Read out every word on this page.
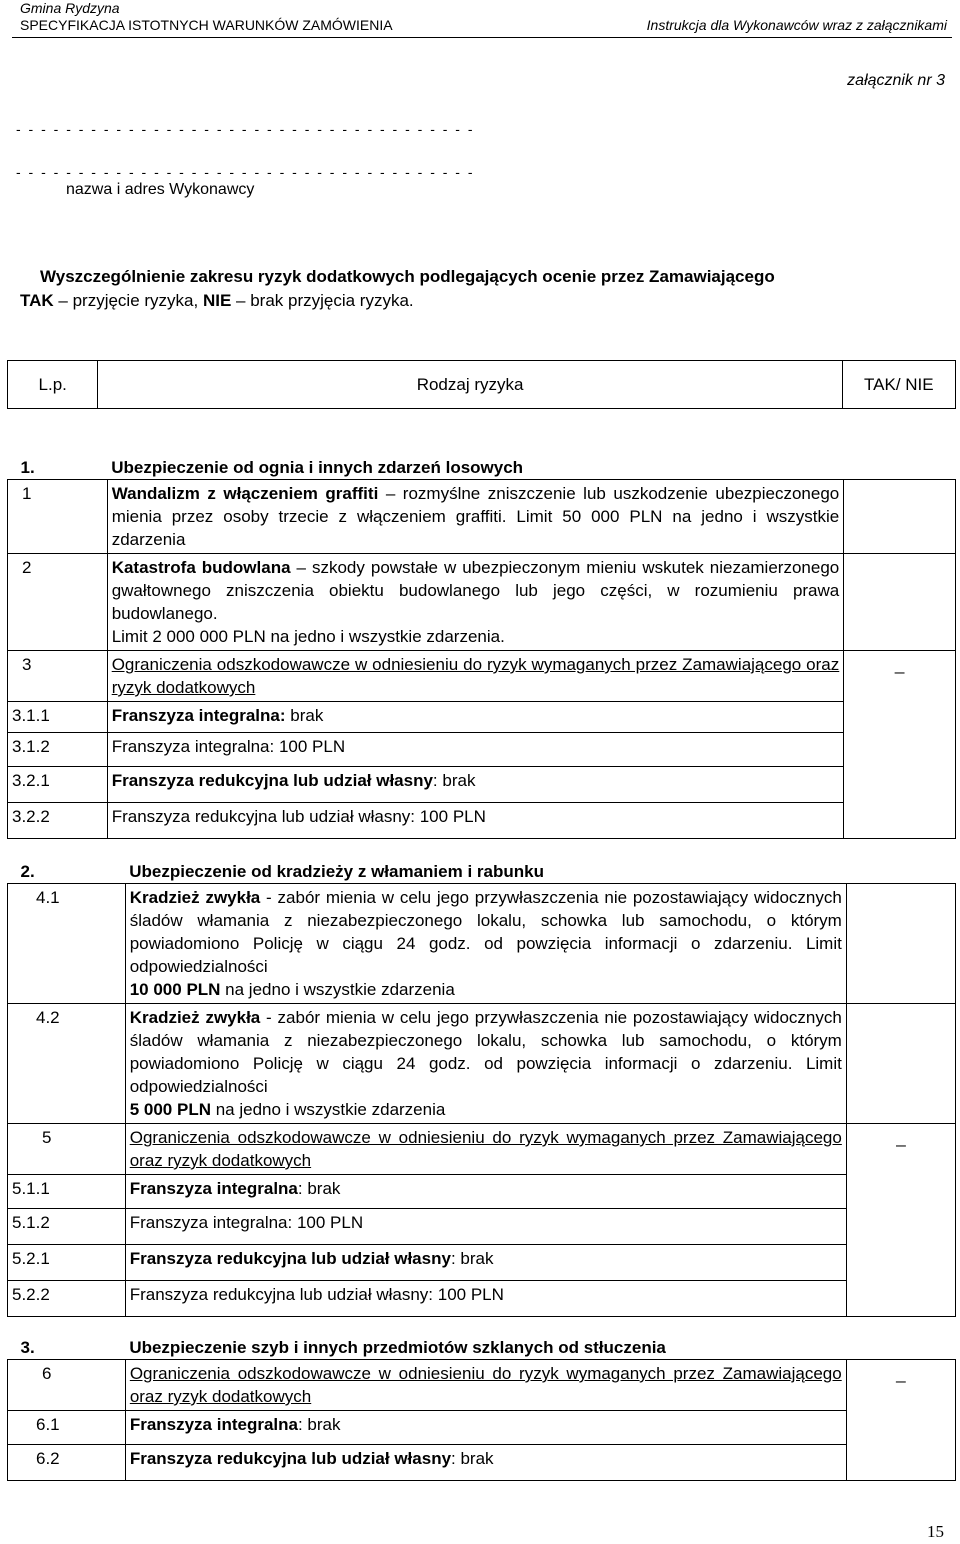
Gmina Rydzyna
SPECYFIKACJA ISTOTNYCH WARUNKÓW ZAMÓWIENIA	Instrukcja dla Wykonawców wraz z załącznikami
załącznik nr 3
- - - - - - - - - - - - - - - - - - - - - - - - - - - - - - - - - - - - -
- - - - - - - - - - - - - - - - - - - - - - - - - - - - - - - - - - - - -
nazwa i adres Wykonawcy
Wyszczególnienie zakresu ryzyk dodatkowych podlegających ocenie przez Zamawiającego
TAK – przyjęcie ryzyka, NIE – brak przyjęcia ryzyka.
L.p.	Rodzaj ryzyka	TAK/ NIE
1.	Ubezpieczenie od ognia i innych zdarzeń losowych	
1	Wandalizm z włączeniem graffiti – rozmyślne zniszczenie lub uszkodzenie ubezpieczonego mienia przez osoby trzecie z włączeniem graffiti. Limit 50 000 PLN na jedno i wszystkie zdarzenia	
2	Katastrofa budowlana – szkody powstałe w ubezpieczonym mieniu wskutek niezamierzonego gwałtownego zniszczenia obiektu budowlanego lub jego części, w rozumieniu prawa budowlanego.
Limit 2 000 000 PLN na jedno i wszystkie zdarzenia.	
3	Ograniczenia odszkodowawcze w odniesieniu do ryzyk wymaganych przez Zamawiającego oraz ryzyk dodatkowych	_
3.1.1	Franszyza integralna: brak	
3.1.2	Franszyza integralna: 100 PLN	
3.2.1	Franszyza redukcyjna lub udział własny: brak	
3.2.2	Franszyza redukcyjna lub udział własny: 100 PLN	
2.	Ubezpieczenie od kradzieży z włamaniem i rabunku	
4.1	Kradzież zwykła - zabór mienia w celu jego przywłaszczenia nie pozostawiający widocznych śladów włamania z niezabezpieczonego lokalu, schowka lub samochodu, o którym powiadomiono Policję w ciągu 24 godz. od powzięcia informacji o zdarzeniu. Limit odpowiedzialności
10 000 PLN na jedno i wszystkie zdarzenia	
4.2	Kradzież zwykła - zabór mienia w celu jego przywłaszczenia nie pozostawiający widocznych śladów włamania z niezabezpieczonego lokalu, schowka lub samochodu, o którym powiadomiono Policję w ciągu 24 godz. od powzięcia informacji o zdarzeniu. Limit odpowiedzialności
5 000 PLN na jedno i wszystkie zdarzenia	
5	Ograniczenia odszkodowawcze w odniesieniu do ryzyk wymaganych przez Zamawiającego oraz ryzyk dodatkowych	_
5.1.1	Franszyza integralna: brak	
5.1.2	Franszyza integralna: 100 PLN	
5.2.1	Franszyza redukcyjna lub udział własny: brak	
5.2.2	Franszyza redukcyjna lub udział własny: 100 PLN	
3.	Ubezpieczenie szyb i innych przedmiotów szklanych od stłuczenia	
6	Ograniczenia odszkodowawcze w odniesieniu do ryzyk wymaganych przez Zamawiającego oraz ryzyk dodatkowych	_
6.1	Franszyza integralna: brak	
6.2	Franszyza redukcyjna lub udział własny: brak	
15
